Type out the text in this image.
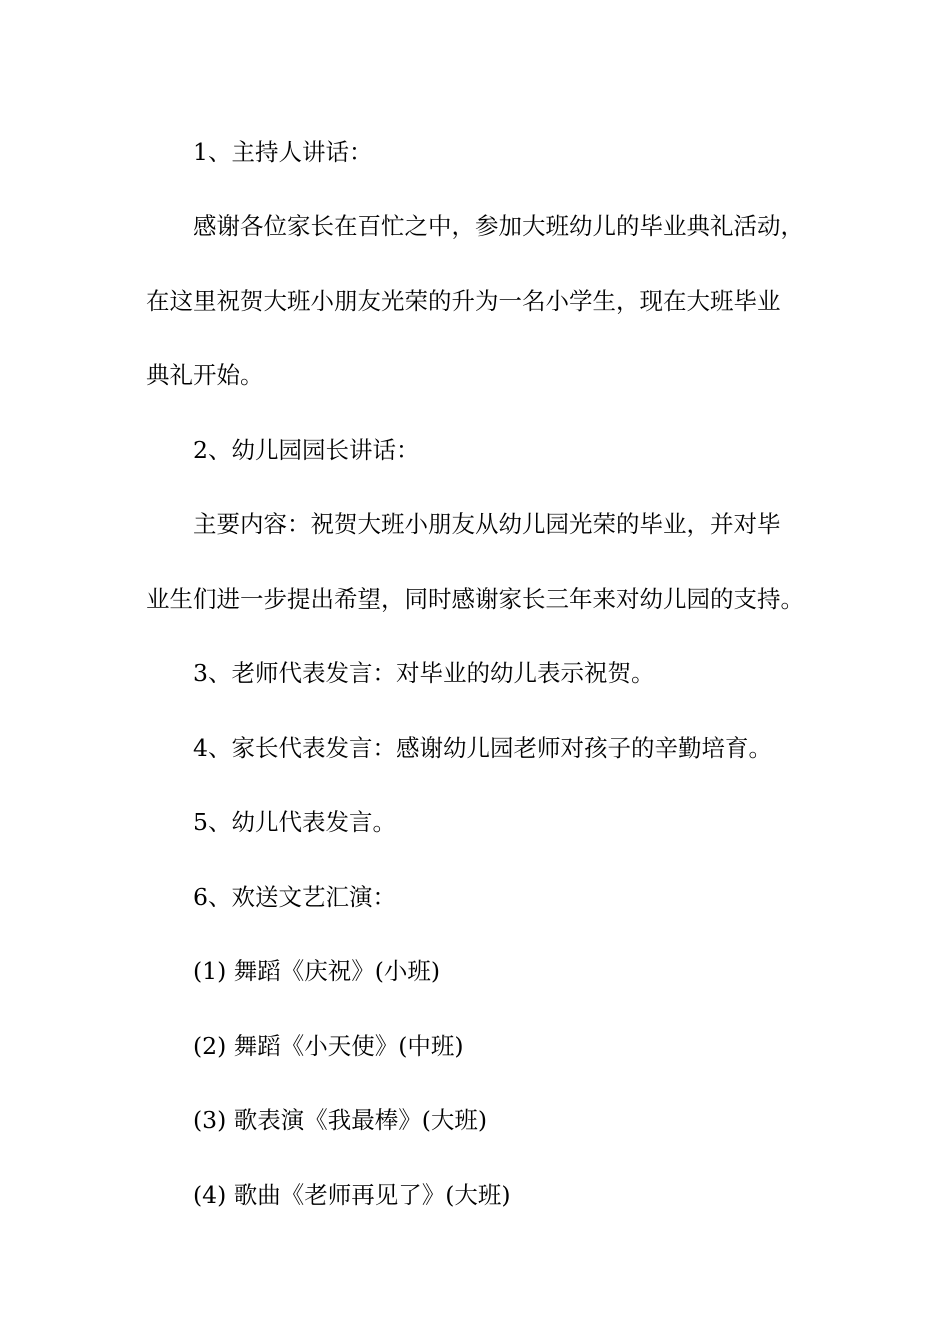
1、主持人讲话：
感谢各位家长在百忙之中，参加大班幼儿的毕业典礼活动，
在这里祝贺大班小朋友光荣的升为一名小学生，现在大班毕业
典礼开始。
2、幼儿园园长讲话：
主要内容：祝贺大班小朋友从幼儿园光荣的毕业，并对毕
业生们进一步提出希望，同时感谢家长三年来对幼儿园的支持。
3、老师代表发言：对毕业的幼儿表示祝贺。
4、家长代表发言：感谢幼儿园老师对孩子的辛勤培育。
5、幼儿代表发言。
6、欢送文艺汇演：
(1) 舞蹈《庆祝》(小班)
(2) 舞蹈《小天使》(中班)
(3) 歌表演《我最棒》(大班)
(4) 歌曲《老师再见了》(大班)
